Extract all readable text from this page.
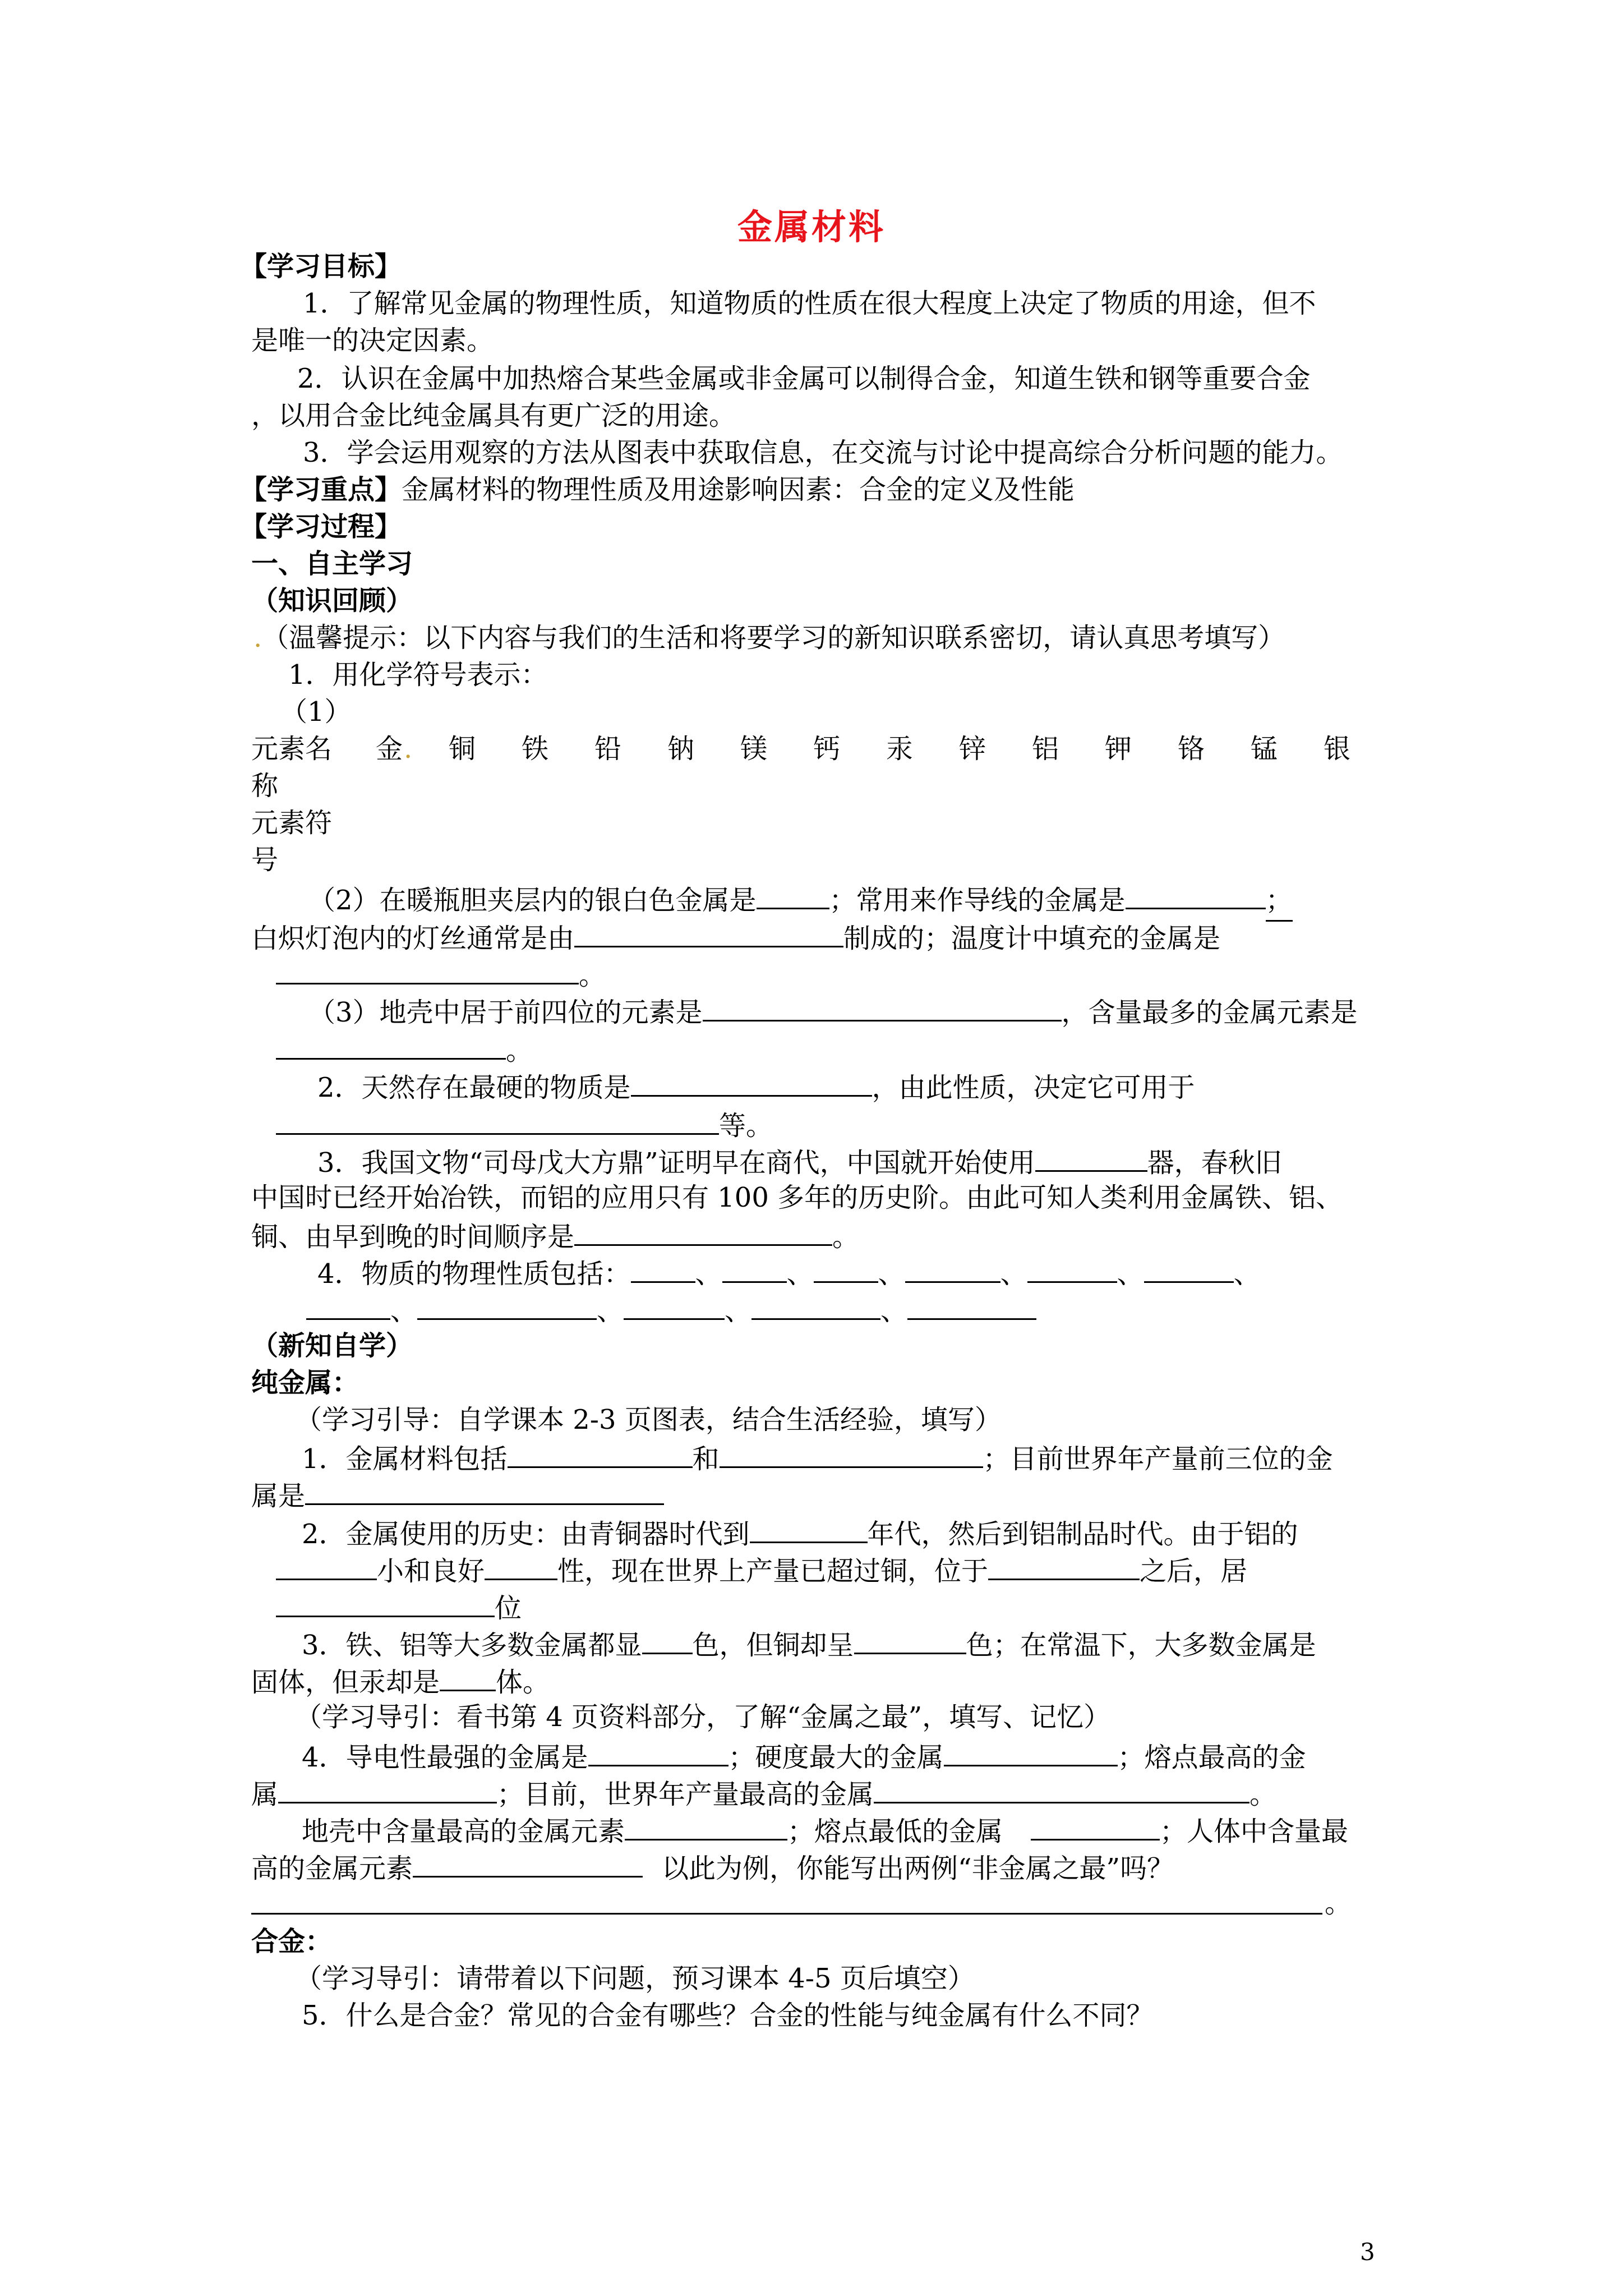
金属材料
【学习目标】
1．了解常见金属的物理性质，知道物质的性质在很大程度上决定了物质的用途，但不
是唯一的决定因素。
2．认识在金属中加热熔合某些金属或非金属可以制得合金，知道生铁和钢等重要合金
，以用合金比纯金属具有更广泛的用途。
3．学会运用观察的方法从图表中获取信息，在交流与讨论中提高综合分析问题的能力。
【学习重点】金属材料的物理性质及用途影响因素：合金的定义及性能
【学习过程】
一、自主学习
（知识回顾）
.（温馨提示：以下内容与我们的生活和将要学习的新知识联系密切，请认真思考填写）
1．用化学符号表示：
（1）
元素名 金 . 铜 铁 铅 钠 镁 钙 汞 锌 铝 钾 铬 锰 银
称
元素符
号
（2）在暖瓶胆夹层内的银白色金属是	；常用来作导线的金属是	；
白炽灯泡内的灯丝通常是由	制成的；温度计中填充的金属是
。
（3）地壳中居于前四位的元素是	，含量最多的金属元素是
。
2．天然存在最硬的物质是	，由此性质，决定它可用于
等。
3．我国文物“司母戊大方鼎”证明早在商代，中国就开始使用	器，春秋旧
中国时已经开始冶铁，而铝的应用只有 100 多年的历史阶。由此可知人类利用金属铁、铝、
铜、由早到晚的时间顺序是	。
4．物质的物理性质包括： 、 、 、	、	、	、
、	、	、	、
（新知自学）
纯金属：
（学习引导：自学课本 2-3 页图表，结合生活经验，填写）
1．金属材料包括	和	；目前世界年产量前三位的金
属是
2．金属使用的历史：由青铜器时代到	年代，然后到铝制品时代。由于铝的
小和良好	性，现在世界上产量已超过铜，位于	之后，居
位
3．铁、铝等大多数金属都显 色，但铜却呈	色；在常温下，大多数金属是
固体，但汞却是 体。
（学习导引：看书第 4 页资料部分，了解“金属之最”，填写、记忆）
4．导电性最强的金属是	；硬度最大的金属	；熔点最高的金
属	；目前，世界年产量最高的金属	。
地壳中含量最高的金属元素	；熔点最低的金属	；人体中含量最
高的金属元素	以此为例，你能写出两例“非金属之最”吗？
。
合金：
（学习导引：请带着以下问题，预习课本 4-5 页后填空）
5．什么是合金？常见的合金有哪些？合金的性能与纯金属有什么不同？
3
